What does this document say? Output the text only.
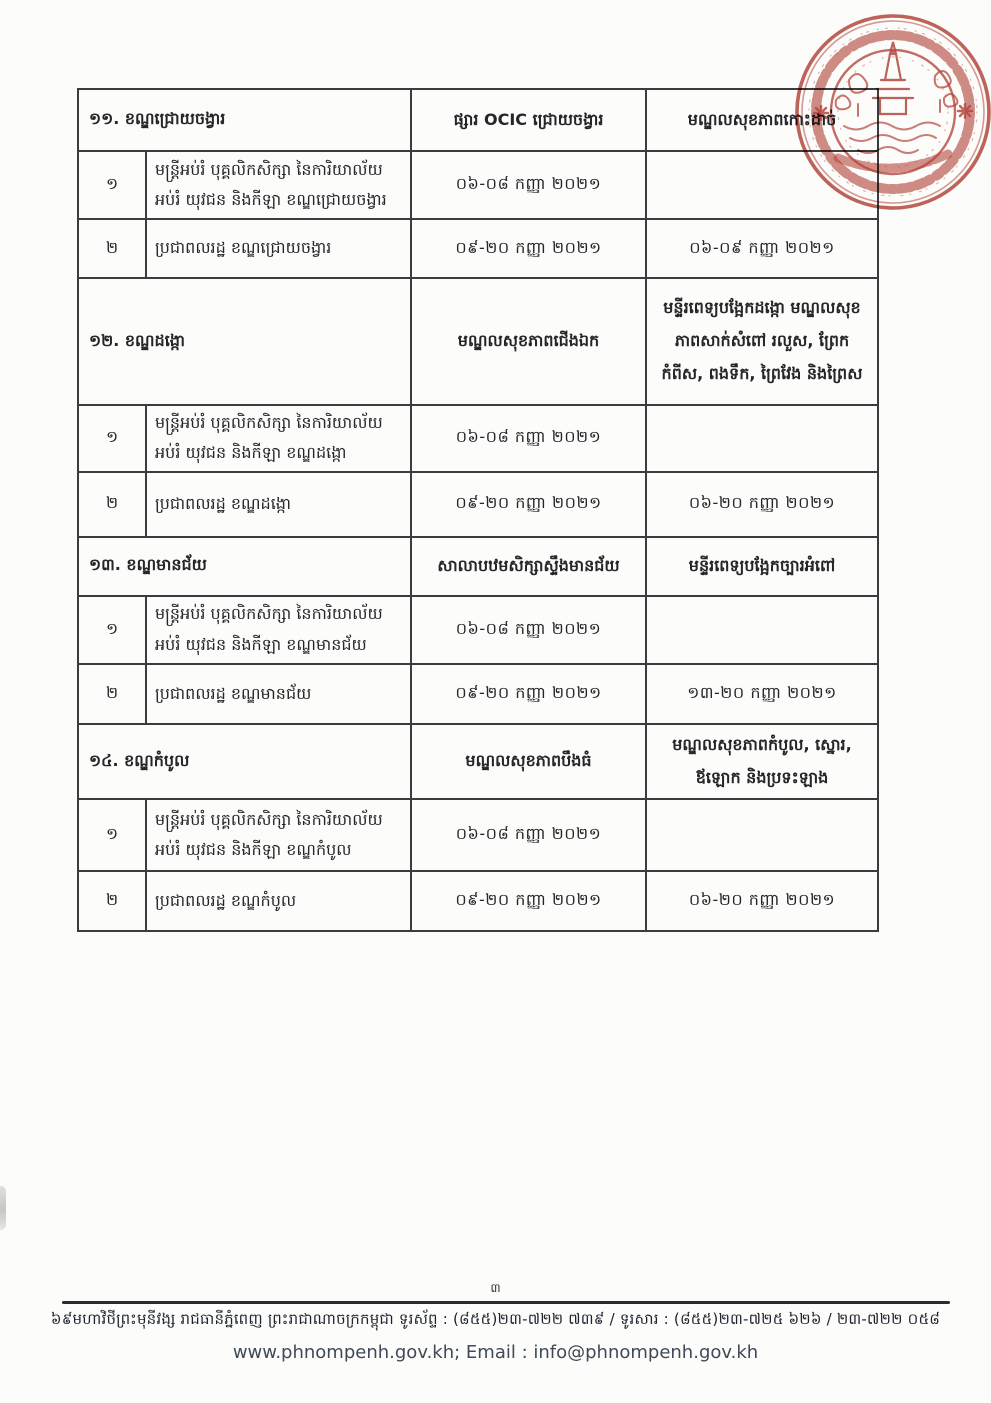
១១. ខណ្ឌជ្រោយចង្វារ		ផ្សារ OCIC ជ្រោយចង្វារ	មណ្ឌលសុខភាពកោះដាច់
១	មន្ត្រីអប់រំ បុគ្គលិកសិក្សា នៃការិយាល័យអប់រំ យុវជន និងកីឡា ខណ្ឌជ្រោយចង្វារ	០៦-០៨ កញ្ញា ២០២១	
២	ប្រជាពលរដ្ឋ ខណ្ឌជ្រោយចង្វារ	០៩-២០ កញ្ញា ២០២១	០៦-០៩ កញ្ញា ២០២១
១២. ខណ្ឌដង្កោ		មណ្ឌលសុខភាពជើងឯក	មន្ទីរពេទ្យបង្អែកដង្កោ មណ្ឌលសុខភាពសាក់សំពៅ រលួស, ព្រែកកំពីស, ពងទឹក, ព្រៃវែង និងព្រៃស
១	មន្ត្រីអប់រំ បុគ្គលិកសិក្សា នៃការិយាល័យអប់រំ យុវជន និងកីឡា ខណ្ឌដង្កោ	០៦-០៨ កញ្ញា ២០២១	
២	ប្រជាពលរដ្ឋ ខណ្ឌដង្កោ	០៩-២០ កញ្ញា ២០២១	០៦-២០ កញ្ញា ២០២១
១៣. ខណ្ឌមានជ័យ		សាលាបឋមសិក្សាស្ទឹងមានជ័យ	មន្ទីរពេទ្យបង្អែកច្បារអំពៅ
១	មន្ត្រីអប់រំ បុគ្គលិកសិក្សា នៃការិយាល័យអប់រំ យុវជន និងកីឡា ខណ្ឌមានជ័យ	០៦-០៨ កញ្ញា ២០២១	
២	ប្រជាពលរដ្ឋ ខណ្ឌមានជ័យ	០៩-២០ កញ្ញា ២០២១	១៣-២០ កញ្ញា ២០២១
១៤. ខណ្ឌកំបូល		មណ្ឌលសុខភាពបឹងធំ	មណ្ឌលសុខភាពកំបូល, ស្នោរ, ឪឡោក និងប្រទះឡាង
១	មន្ត្រីអប់រំ បុគ្គលិកសិក្សា នៃការិយាល័យអប់រំ យុវជន និងកីឡា ខណ្ឌកំបូល	០៦-០៨ កញ្ញា ២០២១	
២	ប្រជាពលរដ្ឋ ខណ្ឌកំបូល	០៩-២០ កញ្ញា ២០២១	០៦-២០ កញ្ញា ២០២១
៣
៦៩មហាវិថីព្រះមុនីវង្ស រាជធានីភ្នំពេញ ព្រះរាជាណាចក្រកម្ពុជា ទូរស័ព្ទ : (៨៥៥)២៣-៧២២ ៧៣៩ / ទូរសារ : (៨៥៥)២៣-៧២៥ ៦២៦ / ២៣-៧២២ ០៥៨
www.phnompenh.gov.kh; Email : info@phnompenh.gov.kh
